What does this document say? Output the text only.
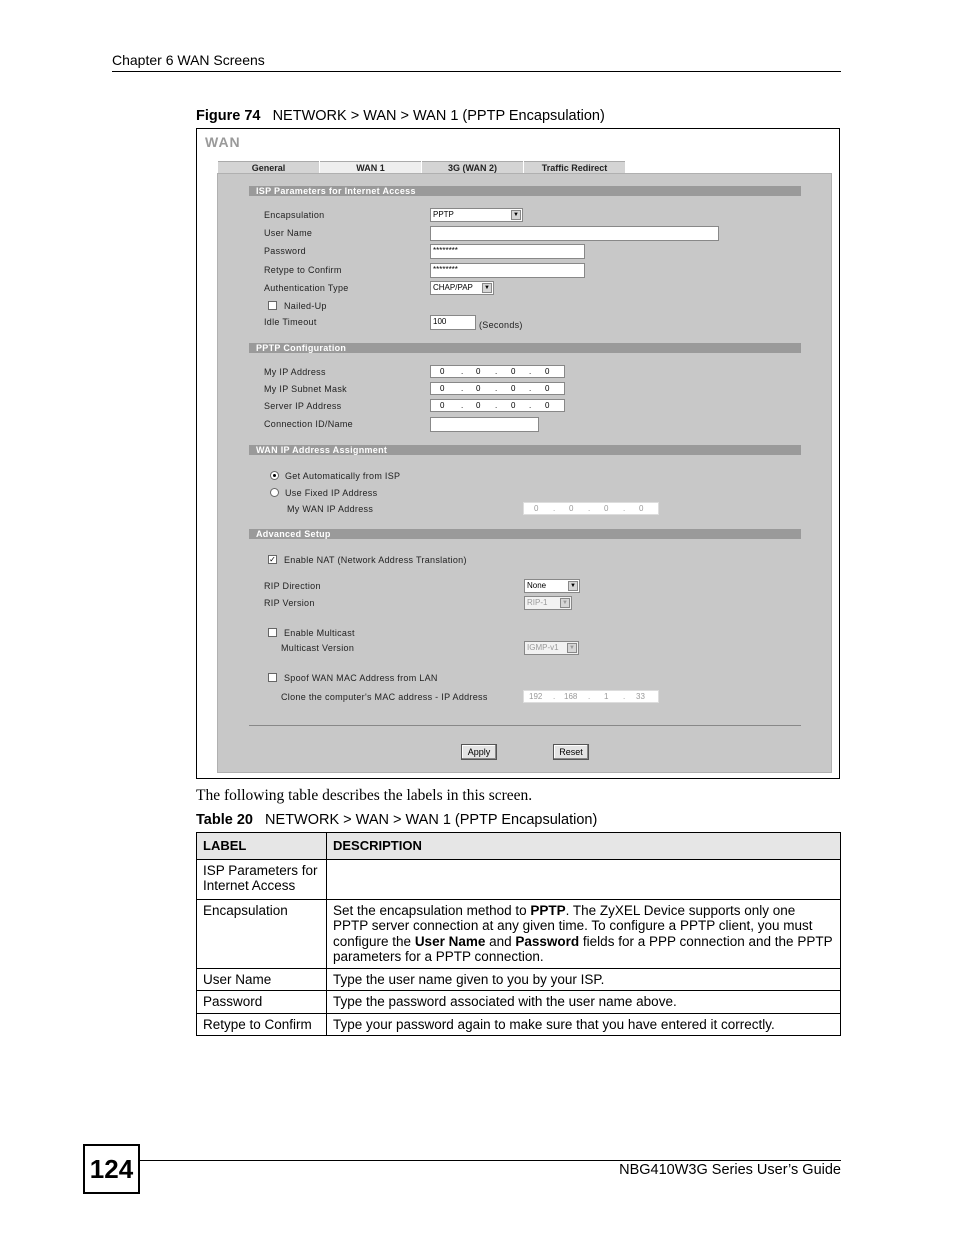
Chapter 6 WAN Screens
Figure 74 NETWORK > WAN > WAN 1 (PPTP Encapsulation)
WAN
General	WAN 1	3G (WAN 2)	Traffic Redirect
ISP Parameters for Internet Access
Encapsulation	PPTP	▼
User Name
Password	********
Retype to Confirm	********
Authentication Type	CHAP/PAP	▼
Nailed-Up
Idle Timeout	100	(Seconds)
PPTP Configuration
My IP Address	0 . 0 . 0 . 0
My IP Subnet Mask	0 . 0 . 0 . 0
Server IP Address	0 . 0 . 0 . 0
Connection ID/Name
WAN IP Address Assignment
Get Automatically from ISP
Use Fixed IP Address
My WAN IP Address	0 . 0 . 0 . 0
Advanced Setup
✓ Enable NAT (Network Address Translation)
RIP Direction	None	▼
RIP Version	RIP-1	▼
Enable Multicast
Multicast Version	IGMP-v1	▼
Spoof WAN MAC Address from LAN
Clone the computer's MAC address - IP Address	192 . 168 . 1 . 33
Apply	Reset
The following table describes the labels in this screen.
Table 20 NETWORK > WAN > WAN 1 (PPTP Encapsulation)
LABEL	DESCRIPTION
ISP Parameters for Internet Access	
Encapsulation	Set the encapsulation method to PPTP. The ZyXEL Device supports only one PPTP server connection at any given time. To configure a PPTP client, you must configure the User Name and Password fields for a PPP connection and the PPTP parameters for a PPTP connection.
User Name	Type the user name given to you by your ISP.
Password	Type the password associated with the user name above.
Retype to Confirm	Type your password again to make sure that you have entered it correctly.
124	NBG410W3G Series User’s Guide
